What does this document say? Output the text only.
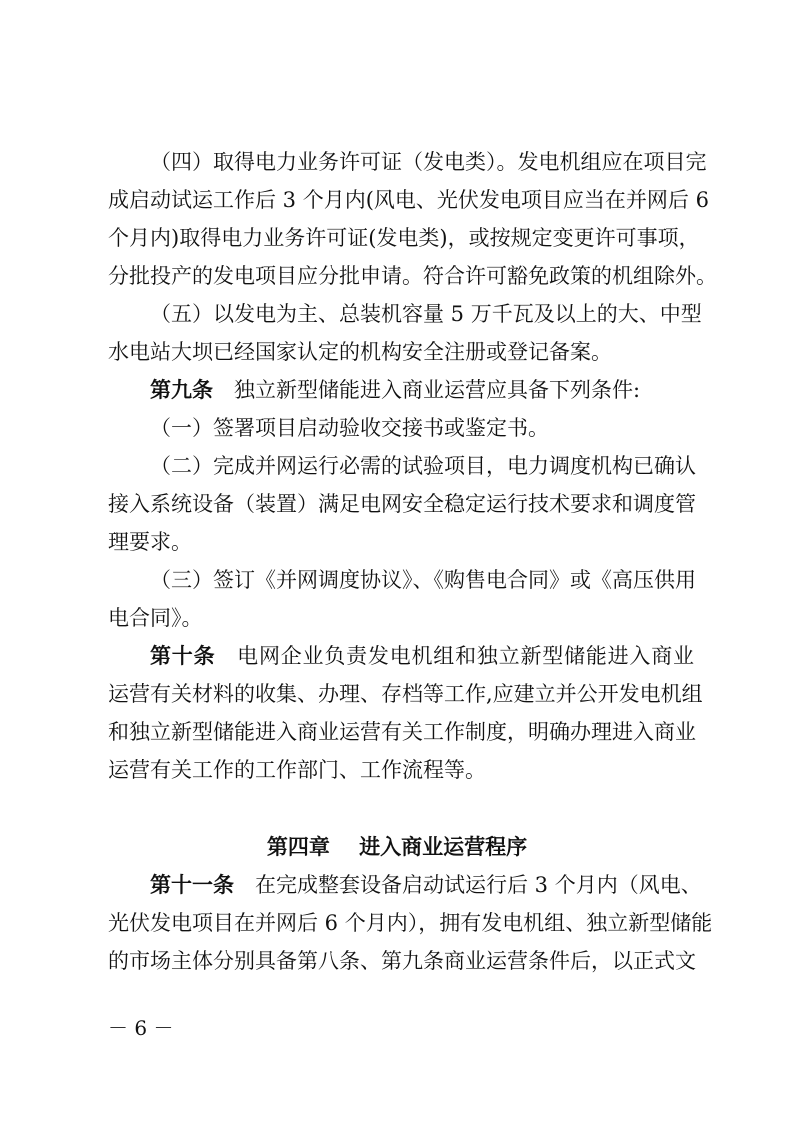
（四）取得电力业务许可证（发电类）。发电机组应在项目完
成启动试运工作后 3 个月内(风电、光伏发电项目应当在并网后 6
个月内)取得电力业务许可证(发电类)，或按规定变更许可事项，
分批投产的发电项目应分批申请。符合许可豁免政策的机组除外。
（五）以发电为主、总装机容量 5 万千瓦及以上的大、中型
水电站大坝已经国家认定的机构安全注册或登记备案。
第九条　 独立新型储能进入商业运营应具备下列条件:
（一）签署项目启动验收交接书或鉴定书。
（二）完成并网运行必需的试验项目，电力调度机构已确认
接入系统设备（装置）满足电网安全稳定运行技术要求和调度管
理要求。
（三）签订《并网调度协议》、《购售电合同》或《高压供用
电合同》。
第十条　 电网企业负责发电机组和独立新型储能进入商业
运营有关材料的收集、办理、存档等工作,应建立并公开发电机组
和独立新型储能进入商业运营有关工作制度，明确办理进入商业
运营有关工作的工作部门、工作流程等。
第四章    进入商业运营程序
第十一条　 在完成整套设备启动试运行后 3 个月内（风电、
光伏发电项目在并网后 6 个月内），拥有发电机组、独立新型储能
的市场主体分别具备第八条、第九条商业运营条件后，以正式文
－ 6 －
